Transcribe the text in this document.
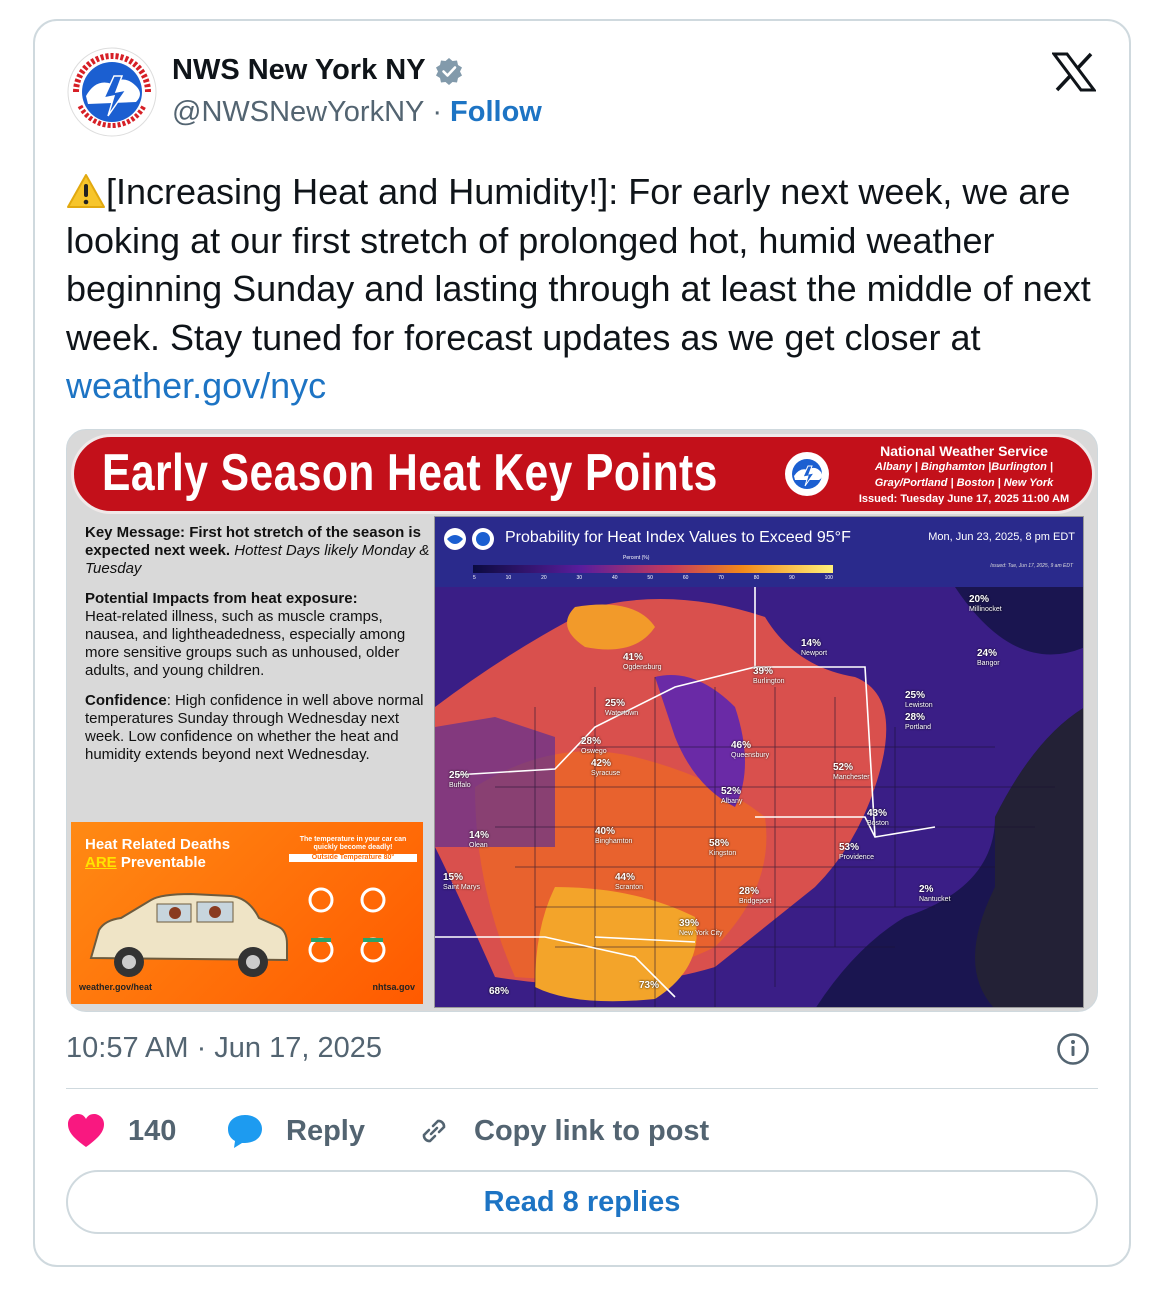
NWS New York NY
@NWSNewYorkNY · Follow
[Increasing Heat and Humidity!]: For early next week, we are looking at our first stretch of prolonged hot, humid weather beginning Sunday and lasting through at least the middle of next week. Stay tuned for forecast updates as we get closer at weather.gov/nyc
Early Season Heat Key Points	National Weather Service
Albany | Binghamton |Burlington |
Gray/Portland | Boston | New York
Issued: Tuesday June 17, 2025 11:00 AM

Key Message: First hot stretch of the season is expected next week. Hottest Days likely Monday & Tuesday

Potential Impacts from heat exposure:
Heat-related illness, such as muscle cramps, nausea, and lightheadedness, especially among more sensitive groups such as unhoused, older adults, and young children.

Confidence: High confidence in well above normal temperatures Sunday through Wednesday next week. Low confidence on whether the heat and humidity extends beyond next Wednesday.

Heat Related Deaths
ARE Preventable
The temperature in your car can quickly become deadly!
Outside Temperature 80°
weather.gov/heat	nhtsa.gov
Probability for Heat Index Values to Exceed 95°F	Mon, Jun 23, 2025, 8 pm EDT
Issued: Tue, Jun 17, 2025, 9 am EDT
Percent (%)
5	10	20	30	40	50	60	70	80	90	100
20%
Millinocket
14%
Newport	24%
Bangor
41%
Ogdensburg	39%
Burlington
25%
Lewiston
28%
Portland
25%
Watertown
28%
Oswego
46%
Queensbury
42%
Syracuse
52%
Manchester
25%
Buffalo
52%
Albany
43%
Boston
14%
Olean
40%
Binghamton	58%
Kingston
53%
Providence
15%
Saint Marys
44%
Scranton	28%
Bridgeport
2%
Nantucket
39%
New York City
68%
73%
10:57 AM · Jun 17, 2025
140	Reply	Copy link to post
Read 8 replies
